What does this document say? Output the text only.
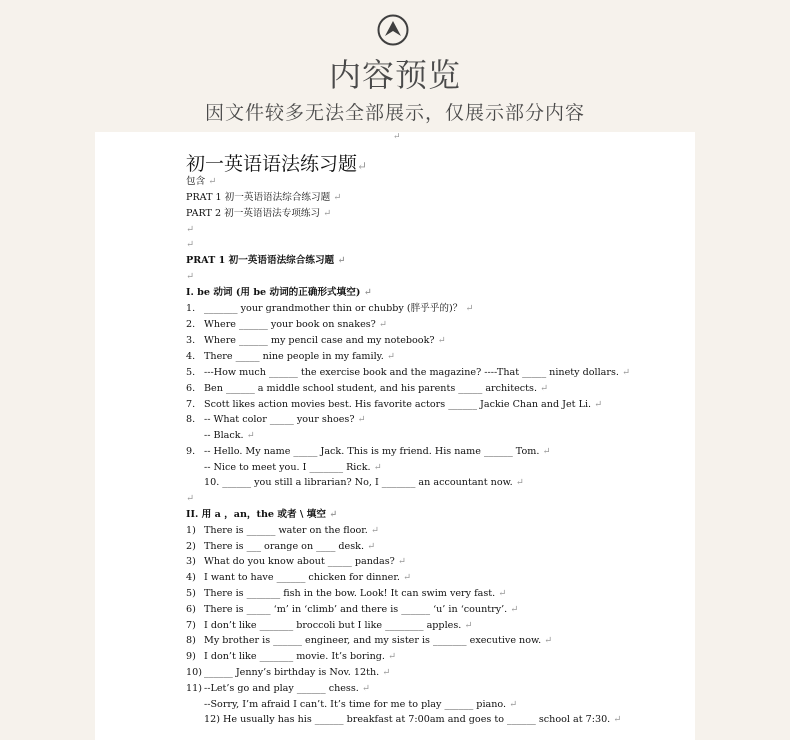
内容预览
因文件较多无法全部展示，仅展示部分内容
↵
初一英语语法练习题↵
包含 ↵
PRAT 1 初一英语语法综合练习题 ↵
PART 2 初一英语语法专项练习 ↵
↵
↵
PRAT 1 初一英语语法综合练习题 ↵
↵
I. be 动词 (用 be 动词的正确形式填空) ↵
1. _______ your grandmother thin or chubby (胖乎乎的)？ ↵
2. Where ______ your book on snakes? ↵
3. Where ______ my pencil case and my notebook? ↵
4. There _____ nine people in my family. ↵
5. ---How much ______ the exercise book and the magazine? ----That _____ ninety dollars. ↵
6. Ben ______ a middle school student, and his parents _____ architects. ↵
7. Scott likes action movies best. His favorite actors ______ Jackie Chan and Jet Li. ↵
8. -- What color _____ your shoes? ↵
-- Black. ↵
9. -- Hello. My name _____ Jack. This is my friend. His name ______ Tom. ↵
-- Nice to meet you. I _______ Rick. ↵
10. ______ you still a librarian? No, I _______ an accountant now. ↵
↵
II. 用 a ，an，the 或者 \ 填空 ↵
1) There is ______ water on the floor. ↵
2) There is ___ orange on ____ desk. ↵
3) What do you know about _____ pandas? ↵
4) I want to have ______ chicken for dinner. ↵
5) There is _______ fish in the bow. Look! It can swim very fast. ↵
6) There is _____ ‘m’ in ‘climb’ and there is ______ ‘u’ in ‘country’. ↵
7) I don’t like _______ broccoli but I like ________ apples. ↵
8) My brother is ______ engineer, and my sister is _______ executive now. ↵
9) I don’t like _______ movie. It’s boring. ↵
10) ______ Jenny’s birthday is Nov. 12th. ↵
11) --Let’s go and play ______ chess. ↵
--Sorry, I’m afraid I can’t. It’s time for me to play ______ piano. ↵
12) He usually has his ______ breakfast at 7:00am and goes to ______ school at 7:30. ↵
